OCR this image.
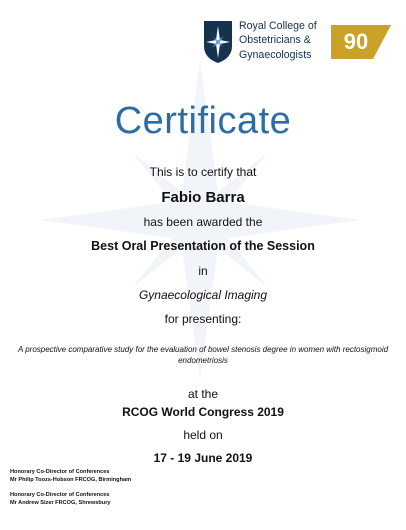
Royal College of
Obstetricians &
Gynaecologists
90
Certificate
This is to certify that
Fabio Barra
has been awarded the
Best Oral Presentation of the Session
in
Gynaecological Imaging
for presenting:
A prospective comparative study for the evaluation of bowel stenosis degree in women with rectosigmoid endometriosis
at the
RCOG World Congress 2019
held on
17 - 19 June 2019
Honorary Co-Director of Conferences
Mr Philip Toozs-Hobson FRCOG, Birmingham
Honorary Co-Director of Conferences
Mr Andrew Sizer FRCOG, Shrewsbury
